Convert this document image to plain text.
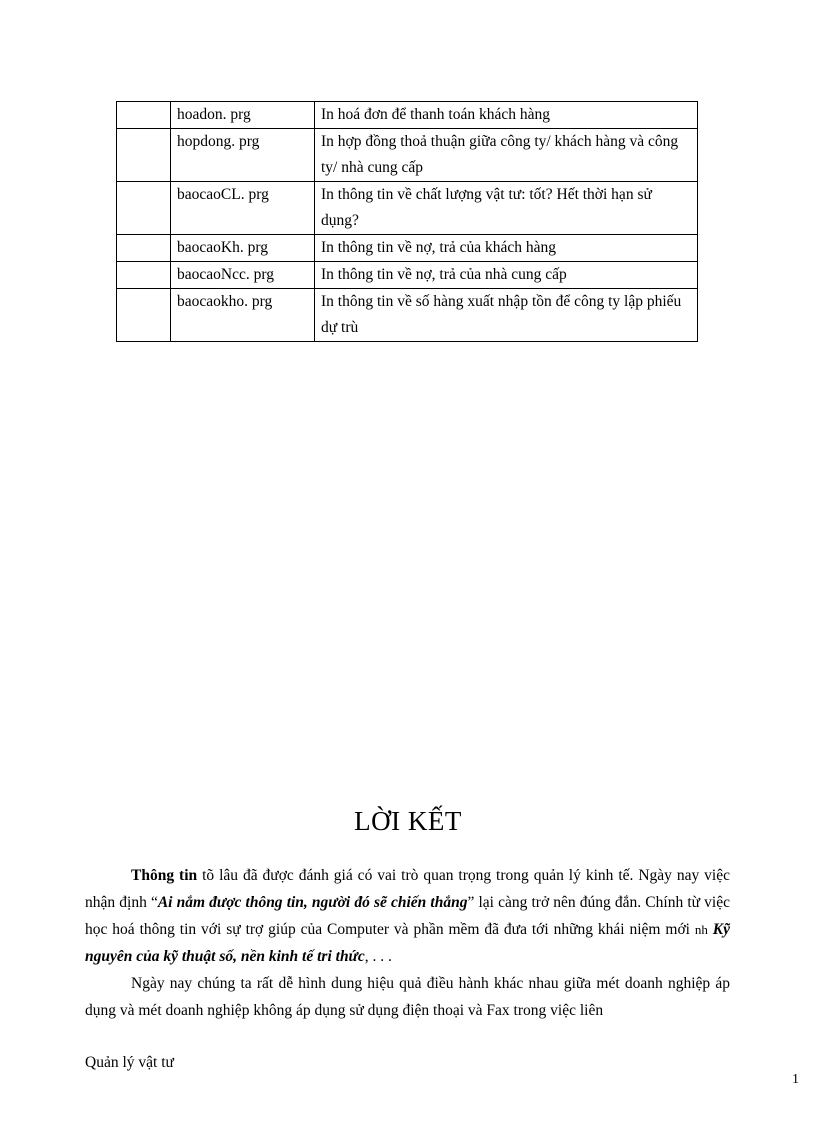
	hoadon. prg	In hoá đơn để thanh toán khách hàng
	hopdong. prg	In hợp đồng thoả thuận giữa công ty/ khách hàng và công ty/ nhà cung cấp
	baocaoCL. prg	In thông tin về chất lượng vật tư: tốt? Hết thời hạn sử dụng?
	baocaoKh. prg	In thông tin về nợ, trả của khách hàng
	baocaoNcc. prg	In thông tin về nợ, trả của nhà cung cấp
	baocaokho. prg	In thông tin về số hàng xuất nhập tồn để công ty lập phiếu dự trù
LỜI KẾT

Thông tin tõ lâu đã được đánh giá có vai trò quan trọng trong quản lý kinh tế. Ngày nay việc nhận định “Ai nắm được thông tin, người đó sẽ chiến thắng” lại càng trở nên đúng đắn. Chính từ việc học hoá thông tin với sự trợ giúp của Computer và phần mềm đã đưa tới những khái niệm mới nh Kỹ nguyên của kỹ thuật số, nền kinh tế tri thức, . . .

Ngày nay chúng ta rất dễ hình dung hiệu quả điều hành khác nhau giữa mét doanh nghiệp áp dụng và mét doanh nghiệp không áp dụng sử dụng điện thoại và Fax trong việc liên

Quản lý vật tư
1
